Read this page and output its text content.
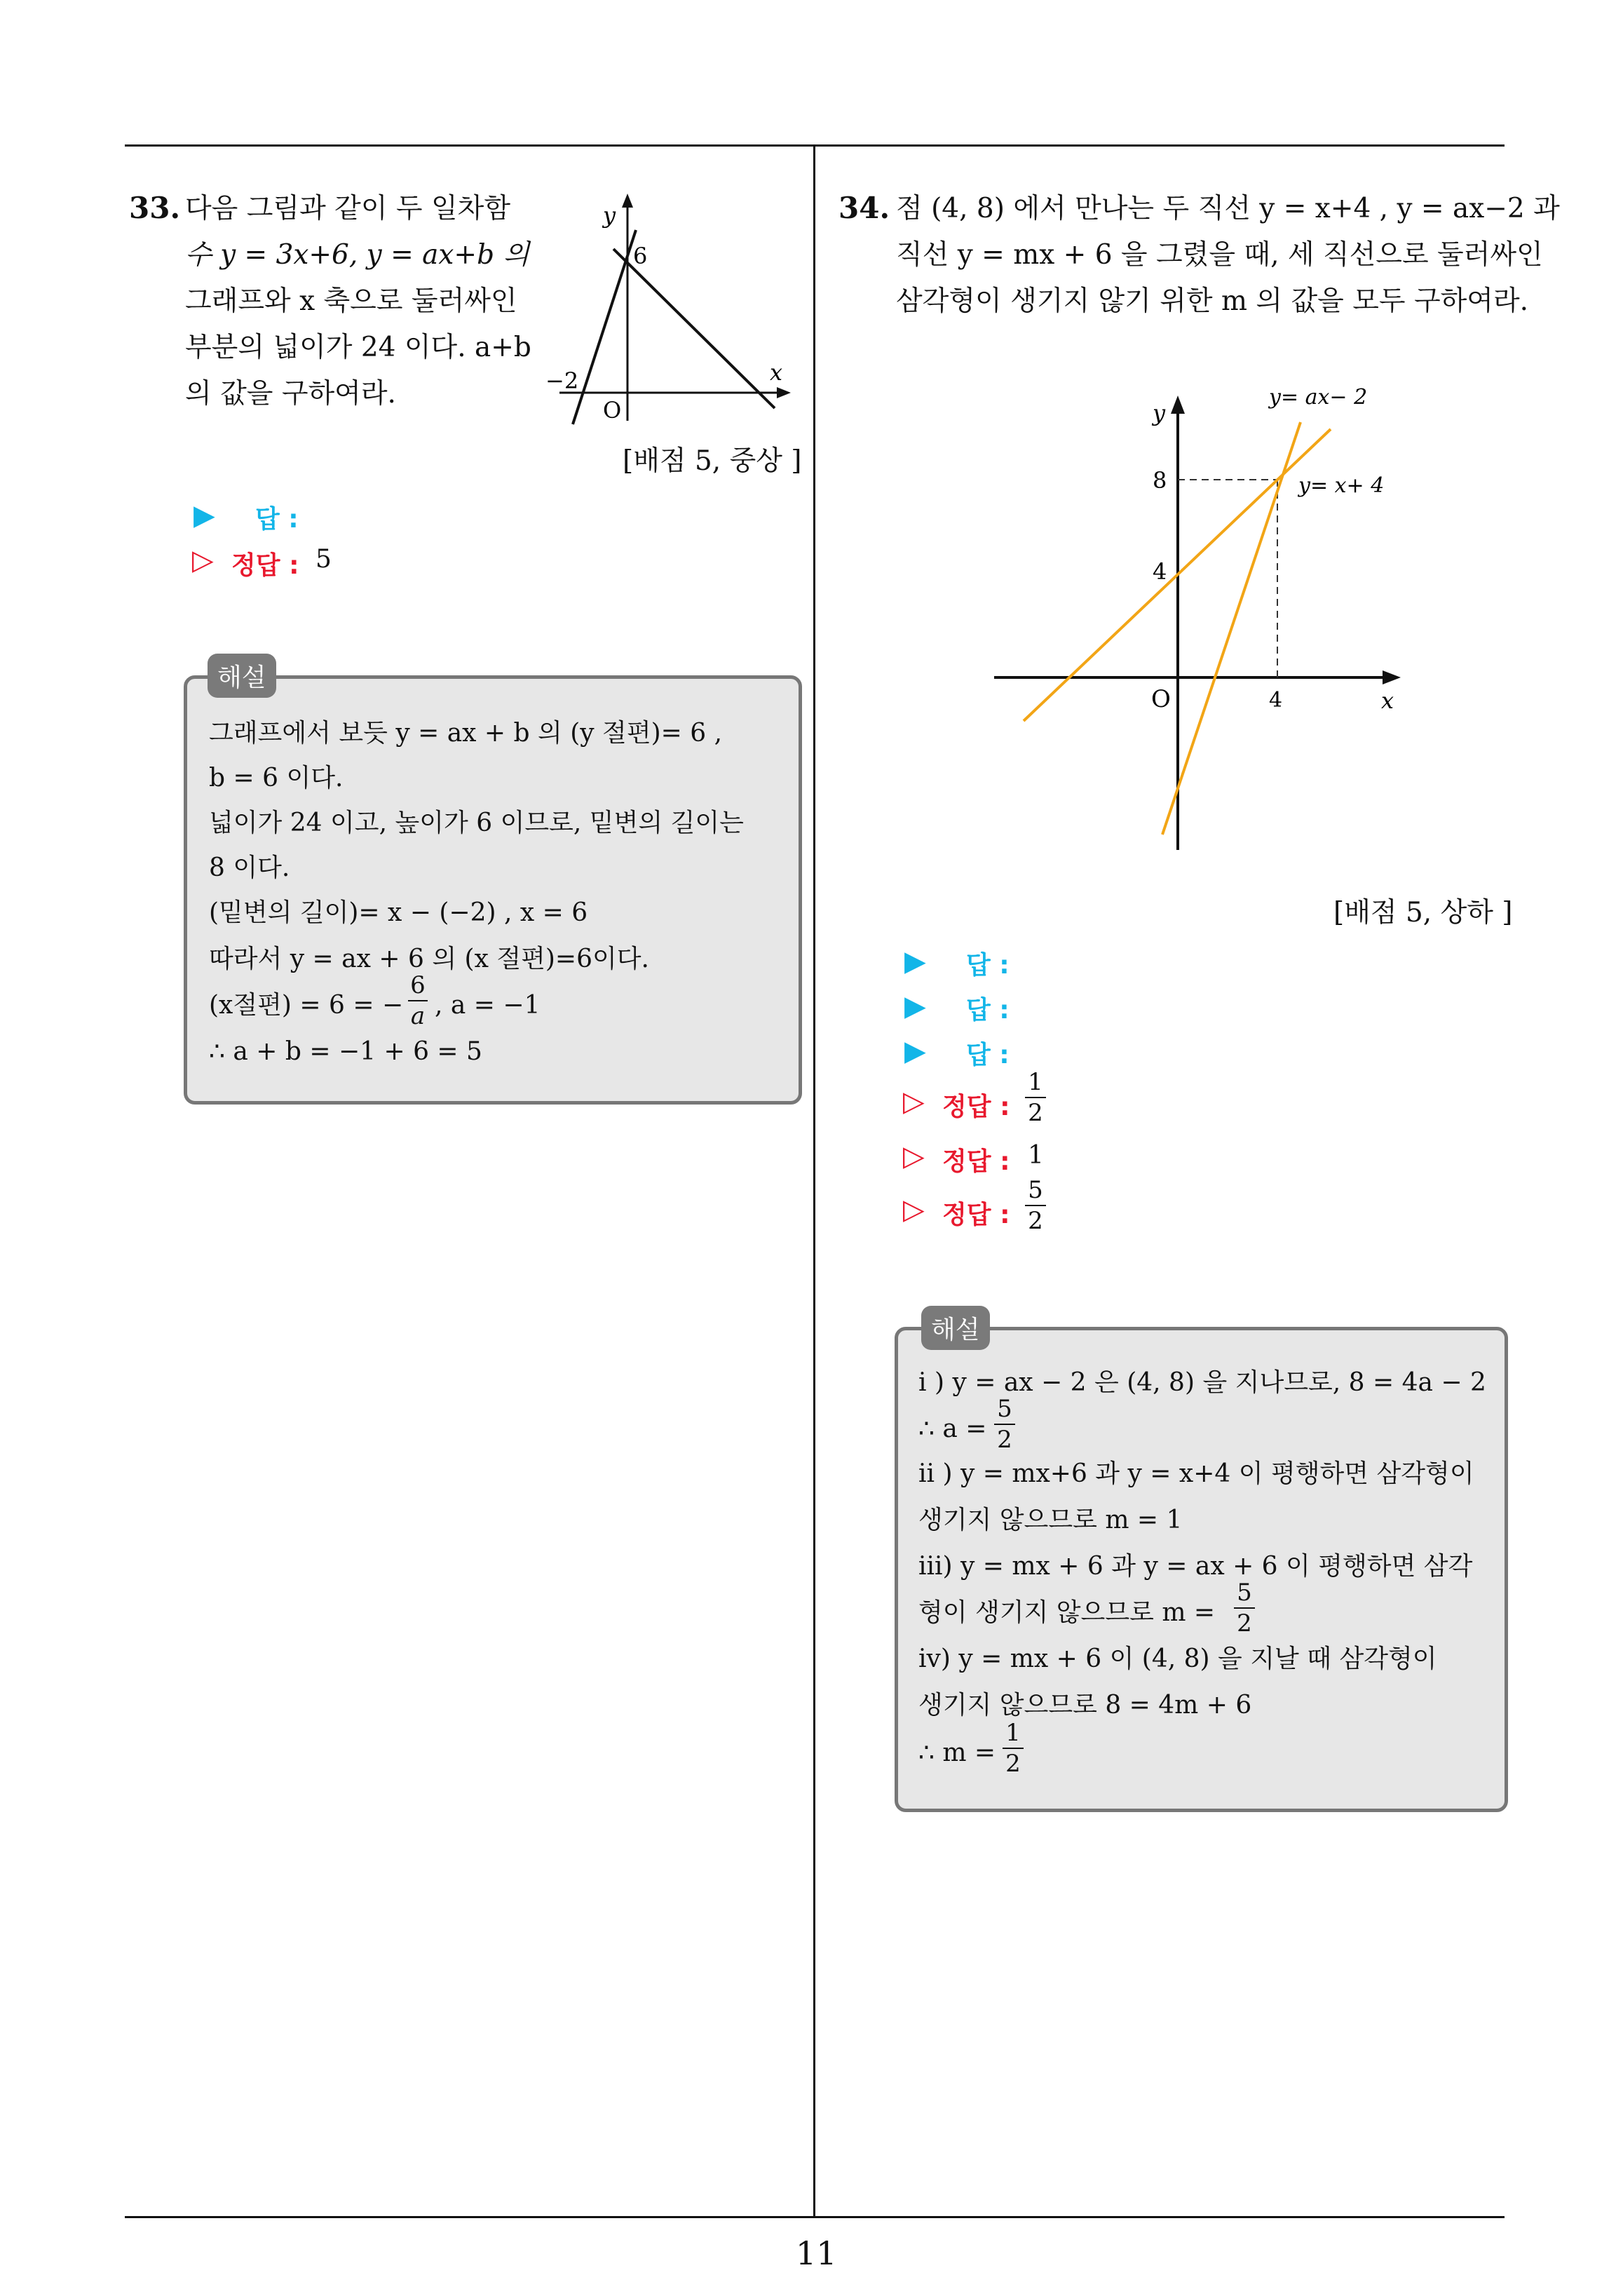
11
33. 다음 그림과 같이 두 일차함
수 y = 3x+6, y = ax+b 의
그래프와 x 축으로 둘러싸인
부분의 넓이가 24 이다. a+b
의 값을 구하여라.
y
x
6
−2
O
[배점 5, 중상 ]
▶ 답 :
▷ 정답 : 5
해설
그래프에서 보듯 y = ax + b 의 (y 절편)= 6 ,
b = 6 이다.
넓이가 24 이고, 높이가 6 이므로, 밑변의 길이는
8 이다.
(밑변의 길이)= x − (−2) , x = 6
따라서 y = ax + 6 의 (x 절편)=6이다.
(x절편) = 6 = −
6
a , a = −1
∴ a + b = −1 + 6 = 5
34. 점 (4, 8) 에서 만나는 두 직선 y = x+4 , y = ax−2 과
직선 y = mx + 6 을 그렸을 때, 세 직선으로 둘러싸인
삼각형이 생기지 않기 위한 m 의 값을 모두 구하여라.
y
x
8
4
4
O
y= ax− 2
y= x+ 4
[배점 5, 상하 ]
▶ 답 :
▶ 답 :
▶ 답 :
▷ 정답 :
1
2
▷ 정답 : 1
▷ 정답 :
5
2
해설
i ) y = ax − 2 은 (4, 8) 을 지나므로, 8 = 4a − 2
∴ a =
5
2
ii ) y = mx+6 과 y = x+4 이 평행하면 삼각형이
생기지 않으므로 m = 1
iii) y = mx + 6 과 y = ax + 6 이 평행하면 삼각
형이 생기지 않으므로 m =
5
2
iv) y = mx + 6 이 (4, 8) 을 지날 때 삼각형이
생기지 않으므로 8 = 4m + 6
∴ m =
1
2
